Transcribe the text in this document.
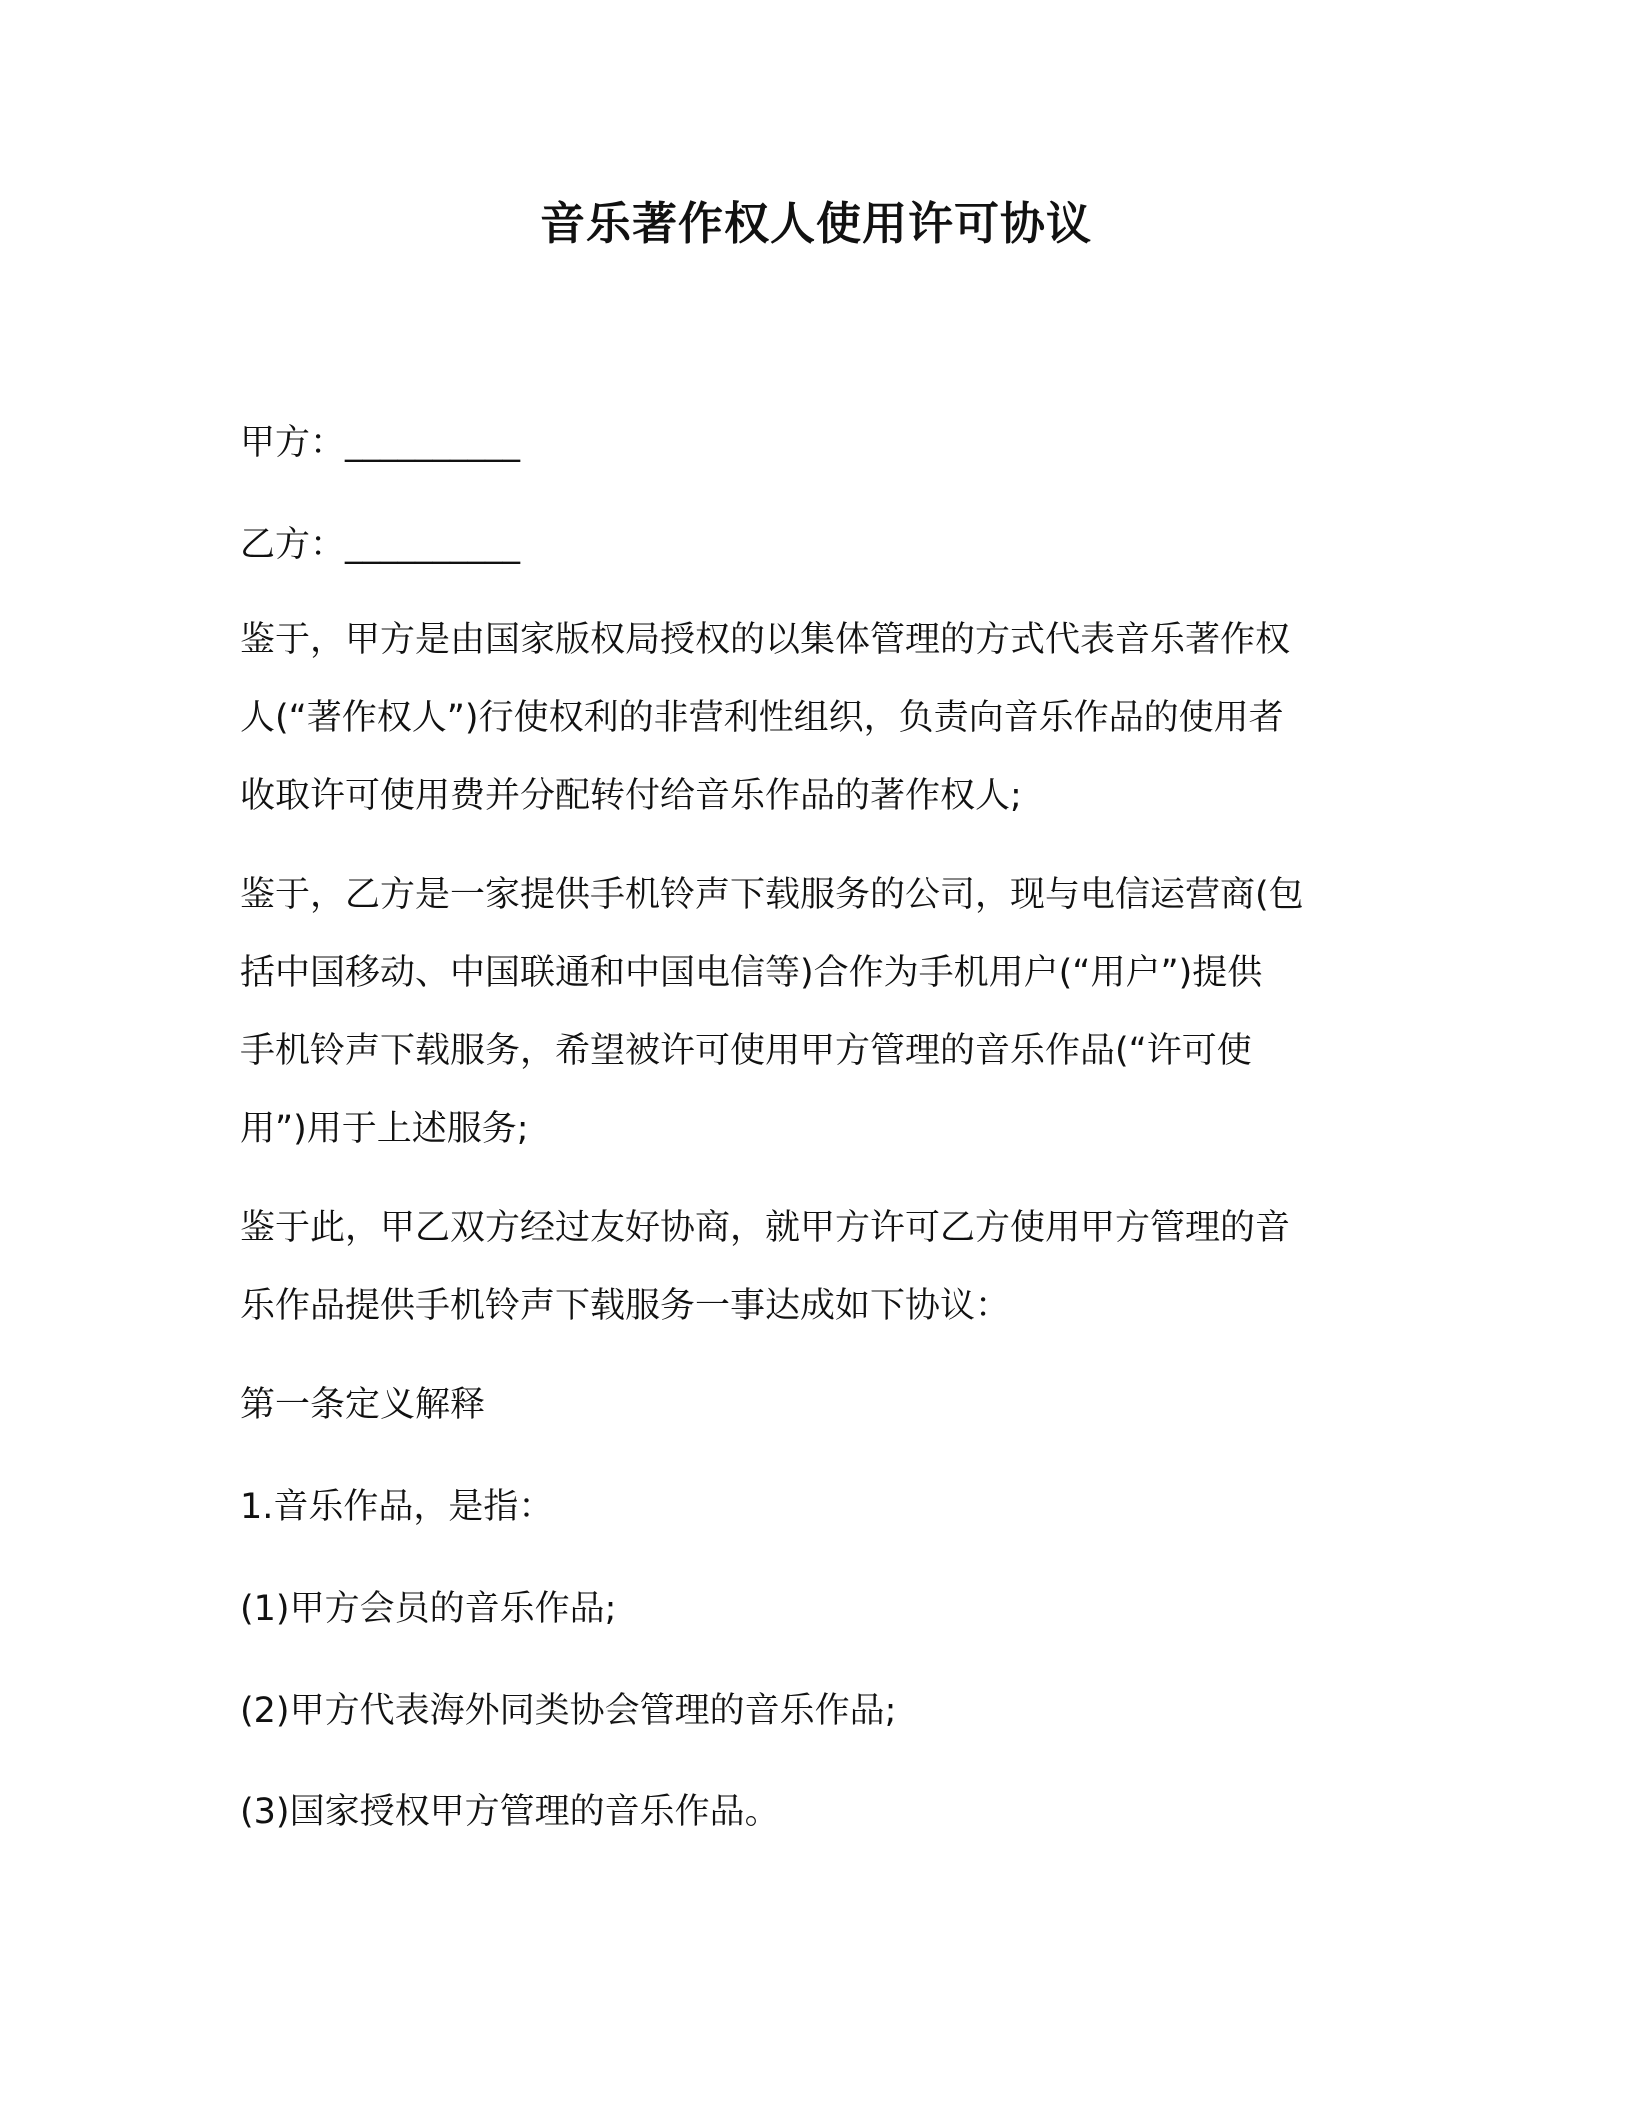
音乐著作权人使用许可协议

甲方：__________

乙方：__________

鉴于，甲方是由国家版权局授权的以集体管理的方式代表音乐著作权
人(“著作权人”)行使权利的非营利性组织，负责向音乐作品的使用者
收取许可使用费并分配转付给音乐作品的著作权人;
鉴于，乙方是一家提供手机铃声下载服务的公司，现与电信运营商(包
括中国移动、中国联通和中国电信等)合作为手机用户(“用户”)提供
手机铃声下载服务，希望被许可使用甲方管理的音乐作品(“许可使
用”)用于上述服务;
鉴于此，甲乙双方经过友好协商，就甲方许可乙方使用甲方管理的音
乐作品提供手机铃声下载服务一事达成如下协议：

第一条定义解释

1.音乐作品，是指：

(1)甲方会员的音乐作品;

(2)甲方代表海外同类协会管理的音乐作品;

(3)国家授权甲方管理的音乐作品。
